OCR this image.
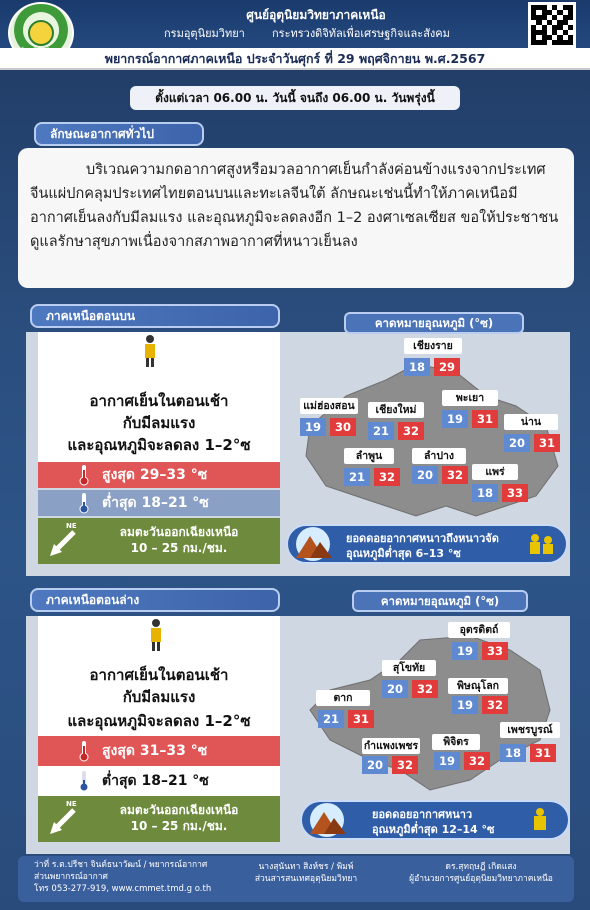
ศูนย์อุตุนิยมวิทยาภาคเหนือ
กรมอุตุนิยมวิทยา กระทรวงดิจิทัลเพื่อเศรษฐกิจและสังคม
พยากรณ์อากาศภาคเหนือ ประจำวันศุกร์ ที่ 29 พฤศจิกายน พ.ศ.2567
ตั้งแต่เวลา 06.00 น. วันนี้ จนถึง 06.00 น. วันพรุ่งนี้
ลักษณะอากาศทั่วไป

บริเวณความกดอากาศสูงหรือมวลอากาศเย็นกำลังค่อนข้างแรงจากประเทศจีนแผ่ปกคลุมประเทศไทยตอนบนและทะเลจีนใต้ ลักษณะเช่นนี้ทำให้ภาคเหนือมีอากาศเย็นลงกับมีลมแรง และอุณหภูมิจะลดลงอีก 1–2 องศาเซลเซียส ขอให้ประชาชนดูแลรักษาสุขภาพเนื่องจากสภาพอากาศที่หนาวเย็นลง

ภาคเหนือตอนบน
อากาศเย็นในตอนเช้า
กับมีลมแรง
และอุณหภูมิจะลดลง 1–2°ซ
สูงสุด 29–33 °ซ
ต่ำสุด 18–21 °ซ
ลมตะวันออกเฉียงเหนือ
10 – 25 กม./ชม.
NE
คาดหมายอุณหภูมิ (°ซ)
เชียงราย
18	29
แม่ฮ่องสอน
19	30
เชียงใหม่
21	32
พะเยา
19	31	น่าน
20	31
ลำพูน
21	32
ลำปาง
20	32	แพร่
18	33
ยอดดอยอากาศหนาวถึงหนาวจัด
อุณหภูมิต่ำสุด 6–13 °ซ
ภาคเหนือตอนล่าง
อากาศเย็นในตอนเช้า
กับมีลมแรง
และอุณหภูมิจะลดลง 1–2°ซ
สูงสุด 31–33 °ซ
ต่ำสุด 18–21 °ซ
ลมตะวันออกเฉียงเหนือ
10 – 25 กม./ชม.
NE
คาดหมายอุณหภูมิ (°ซ)
อุตรดิตถ์
19	33
สุโขทัย
20	32	พิษณุโลก
19	32
ตาก
21	31
กำแพงเพชร
20	32
พิจิตร
19	32
เพชรบูรณ์
18	31
ยอดดอยอากาศหนาว
อุณหภูมิต่ำสุด 12–14 °ซ
ว่าที่ ร.ต.ปรีชา จินต์ธนาวัฒน์ / พยากรณ์อากาศ
ส่วนพยากรณ์อากาศ
โทร 053-277-919, www.cmmet.tmd.g o.th
นางสุนันทา สิงห์ชร / พิมพ์
ส่วนสารสนเทศอุตุนิยมวิทยา
ดร.สุทฤษฎี เกิดแสง
ผู้อำนวยการศูนย์อุตุนิยมวิทยาภาคเหนือ
